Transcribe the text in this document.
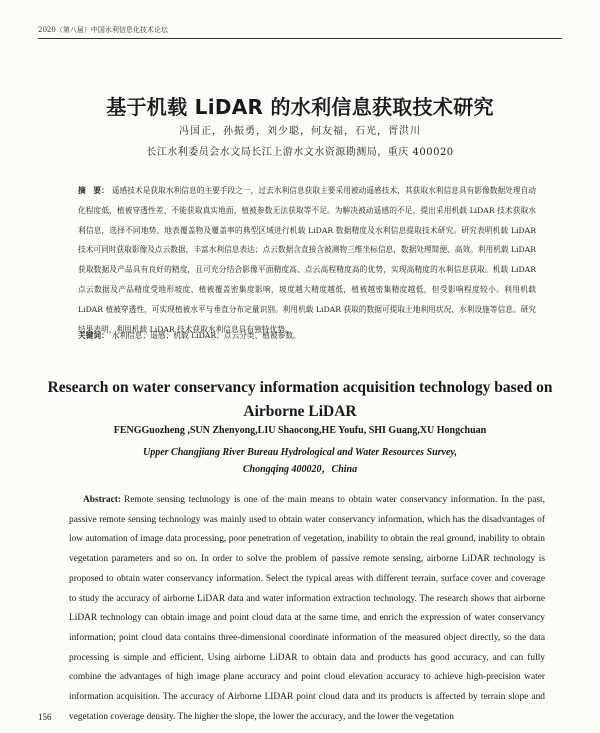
2020（第八届）中国水利信息化技术论坛
基于机载 LiDAR 的水利信息获取技术研究
冯国正，孙振勇，刘少聪，何友福，石光，胥洪川
长江水利委员会水文局长江上游水文水资源勘测局，重庆 400020
摘　要： 遥感技术是获取水利信息的主要手段之一，过去水利信息获取主要采用被动遥感技术，其获取水利信息具有影像数据处理自动化程度低，植被穿透性差、不能获取真实地面、植被参数无法获取等不足。为解决被动遥感的不足，提出采用机载 LiDAR 技术获取水利信息，选择不同地势、地表覆盖物及覆盖率的典型区域进行机载 LiDAR 数据精度及水利信息提取技术研究。研究表明机载 LiDAR 技术可同时获取影像及点云数据，丰富水利信息表达；点云数据含直接含被测物三维坐标信息，数据处理简便、高效。利用机载 LiDAR 获取数据及产品具有良好的精度，且可充分结合影像平面精度高、点云高程精度高的优势，实现高精度的水利信息获取。机载 LiDAR 点云数据及产品精度受地形坡度、植被覆盖密集度影响，坡度越大精度越低，植被越密集精度越低，但受影响程度较小。利用机载 LiDAR 植被穿透性，可实现植被水平与垂直分布定量识别。利用机载 LiDAR 获取的数据可提取土地利用状况、水利设施等信息。研究结果表明，利用机载 LiDAR 技术获取水利信息具有独特优势。
关键词： 水利信息；遥感；机载 LiDAR；点云分类、植被参数。
Research on water conservancy information acquisition technology based on Airborne LiDAR
FENGGuozheng ,SUN Zhenyong,LIU Shaocong,HE Youfu, SHI Guang,XU Hongchuan
Upper Changjiang River Bureau Hydrological and Water Resources Survey,
Chongqing 400020，China
Abstract: Remote sensing technology is one of the main means to obtain water conservancy information. In the past, passive remote sensing technology was mainly used to obtain water conservancy information, which has the disadvantages of low automation of image data processing, poor penetration of vegetation, inability to obtain the real ground, inability to obtain vegetation parameters and so on. In order to solve the problem of passive remote sensing, airborne LiDAR technology is proposed to obtain water conservancy information. Select the typical areas with different terrain, surface cover and coverage to study the accuracy of airborne LiDAR data and water information extraction technology. The research shows that airborne LiDAR technology can obtain image and point cloud data at the same time, and enrich the expression of water conservancy information; point cloud data contains three-dimensional coordinate information of the measured object directly, so the data processing is simple and efficient. Using airborne LiDAR to obtain data and products has good accuracy, and can fully combine the advantages of high image plane accuracy and point cloud elevation accuracy to achieve high-precision water information acquisition. The accuracy of Airborne LIDAR point cloud data and its products is affected by terrain slope and vegetation coverage density. The higher the slope, the lower the accuracy, and the lower the vegetation
156
